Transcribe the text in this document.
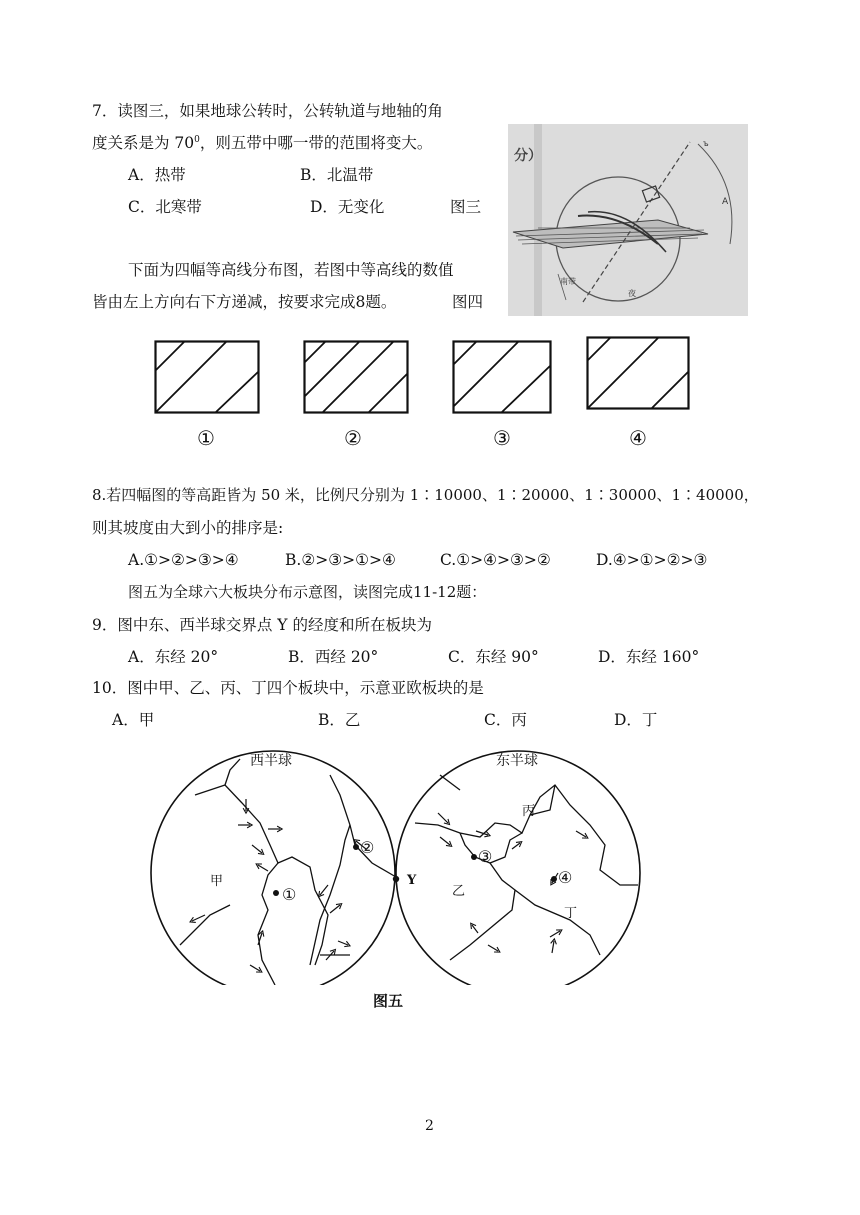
7．读图三，如果地球公转时，公转轨道与地轴的角
度关系是为 $70^0$，则五带中哪一带的范围将变大。
A．热带	B．北温带
C．北寒带	D．无变化	图三
下面为四幅等高线分布图，若图中等高线的数值
皆由左上方向右下方递减，按要求完成8题。	图四
A
ъ
分）
南带
夜
①	②	③	④
8.若四幅图的等高距皆为 50 米，比例尺分别为 1∶10000、1∶20000、1∶30000、1∶40000，
则其坡度由大到小的排序是:
A.①>②>③>④	B.②>③>①>④	C.①>④>③>②	D.④>①>②>③
图五为全球六大板块分布示意图，读图完成11-12题：
9．图中东、西半球交界点 Y 的经度和所在板块为
A．东经 20°	B．西经 20°	C．东经 90°	D．东经 160°
10．图中甲、乙、丙、丁四个板块中，示意亚欧板块的是
A．甲	B．乙	C．丙	D．丁
西半球	东半球
甲
乙
丙
丁
Y
①
②	③
④
图五
2
